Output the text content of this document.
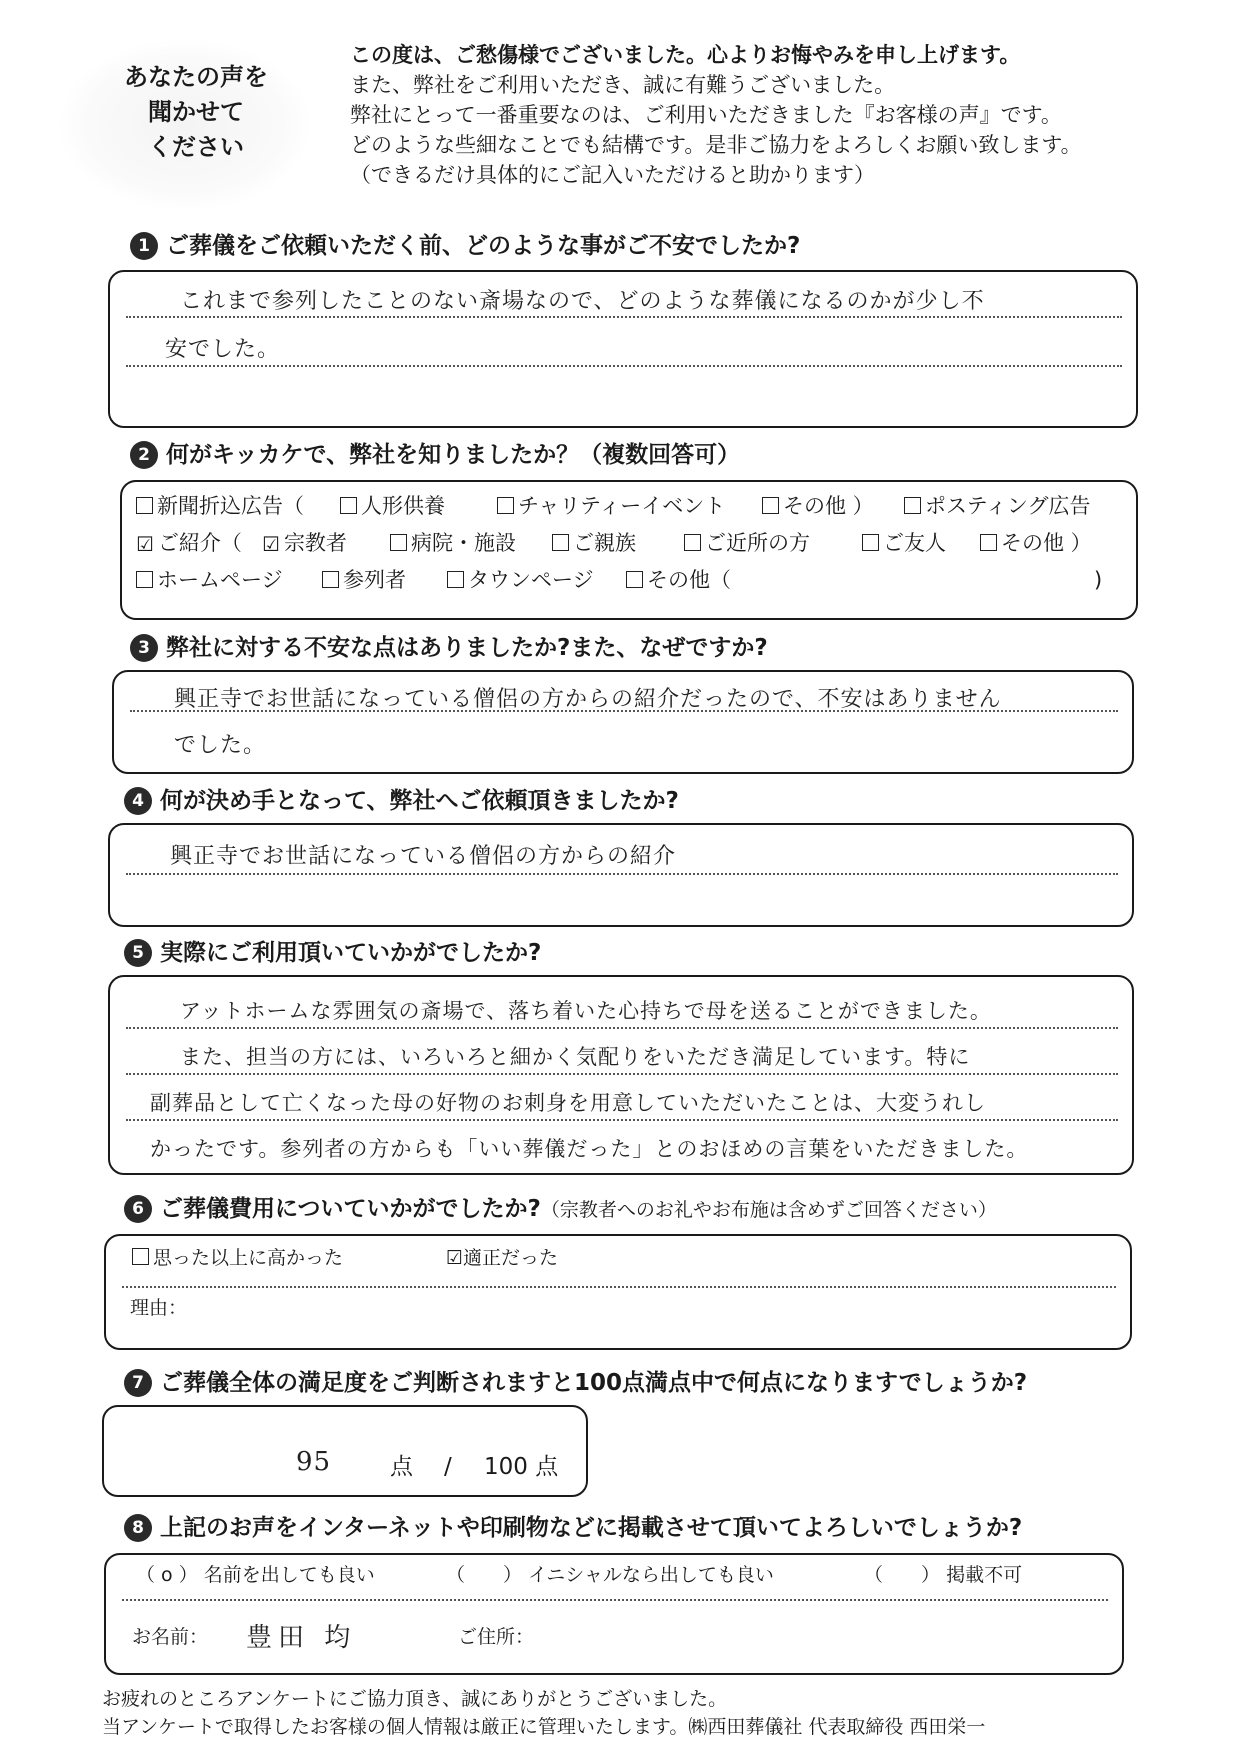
あなたの声を
聞かせて
ください
この度は、ご愁傷様でございました。心よりお悔やみを申し上げます。
また、弊社をご利用いただき、誠に有難うございました。
弊社にとって一番重要なのは、ご利用いただきました『お客様の声』です。
どのような些細なことでも結構です。是非ご協力をよろしくお願い致します。
（できるだけ具体的にご記入いただけると助かります）
1 ご葬儀をご依頼いただく前、どのような事がご不安でしたか?
これまで参列したことのない斎場なので、どのような葬儀になるのかが少し不
安でした。
2 何がキッカケで、弊社を知りましたか？（複数回答可）
新聞折込広告（	人形供養	チャリティーイベント	その他 ）	ポスティング広告
☑ ご紹介（ ☑ 宗教者	病院・施設	ご親族	ご近所の方	ご友人	その他 ）
ホームページ	参列者	タウンページ	その他（	)
3 弊社に対する不安な点はありましたか?また、なぜですか?
興正寺でお世話になっている僧侶の方からの紹介だったので、不安はありません
でした。
4 何が決め手となって、弊社へご依頼頂きましたか?
興正寺でお世話になっている僧侶の方からの紹介
5 実際にご利用頂いていかがでしたか?
アットホームな雰囲気の斎場で、落ち着いた心持ちで母を送ることができました。
また、担当の方には、いろいろと細かく気配りをいただき満足しています。特に
副葬品として亡くなった母の好物のお刺身を用意していただいたことは、大変うれし
かったです。参列者の方からも「いい葬儀だった」とのおほめの言葉をいただきました。
6 ご葬儀費用についていかがでしたか?（宗教者へのお礼やお布施は含めずご回答ください）
思った以上に高かった	☑適正だった
理由：
7 ご葬儀全体の満足度をご判断されますと100点満点中で何点になりますでしょうか?
95	点 / 100 点
8 上記のお声をインターネットや印刷物などに掲載させて頂いてよろしいでしょうか?
（ o ） 名前を出しても良い	（　　） イニシャルなら出しても良い	（　　） 掲載不可
お名前： 豊田 均	ご住所：
お疲れのところアンケートにご協力頂き、誠にありがとうございました。
当アンケートで取得したお客様の個人情報は厳正に管理いたします。㈱西田葬儀社 代表取締役 西田栄一
